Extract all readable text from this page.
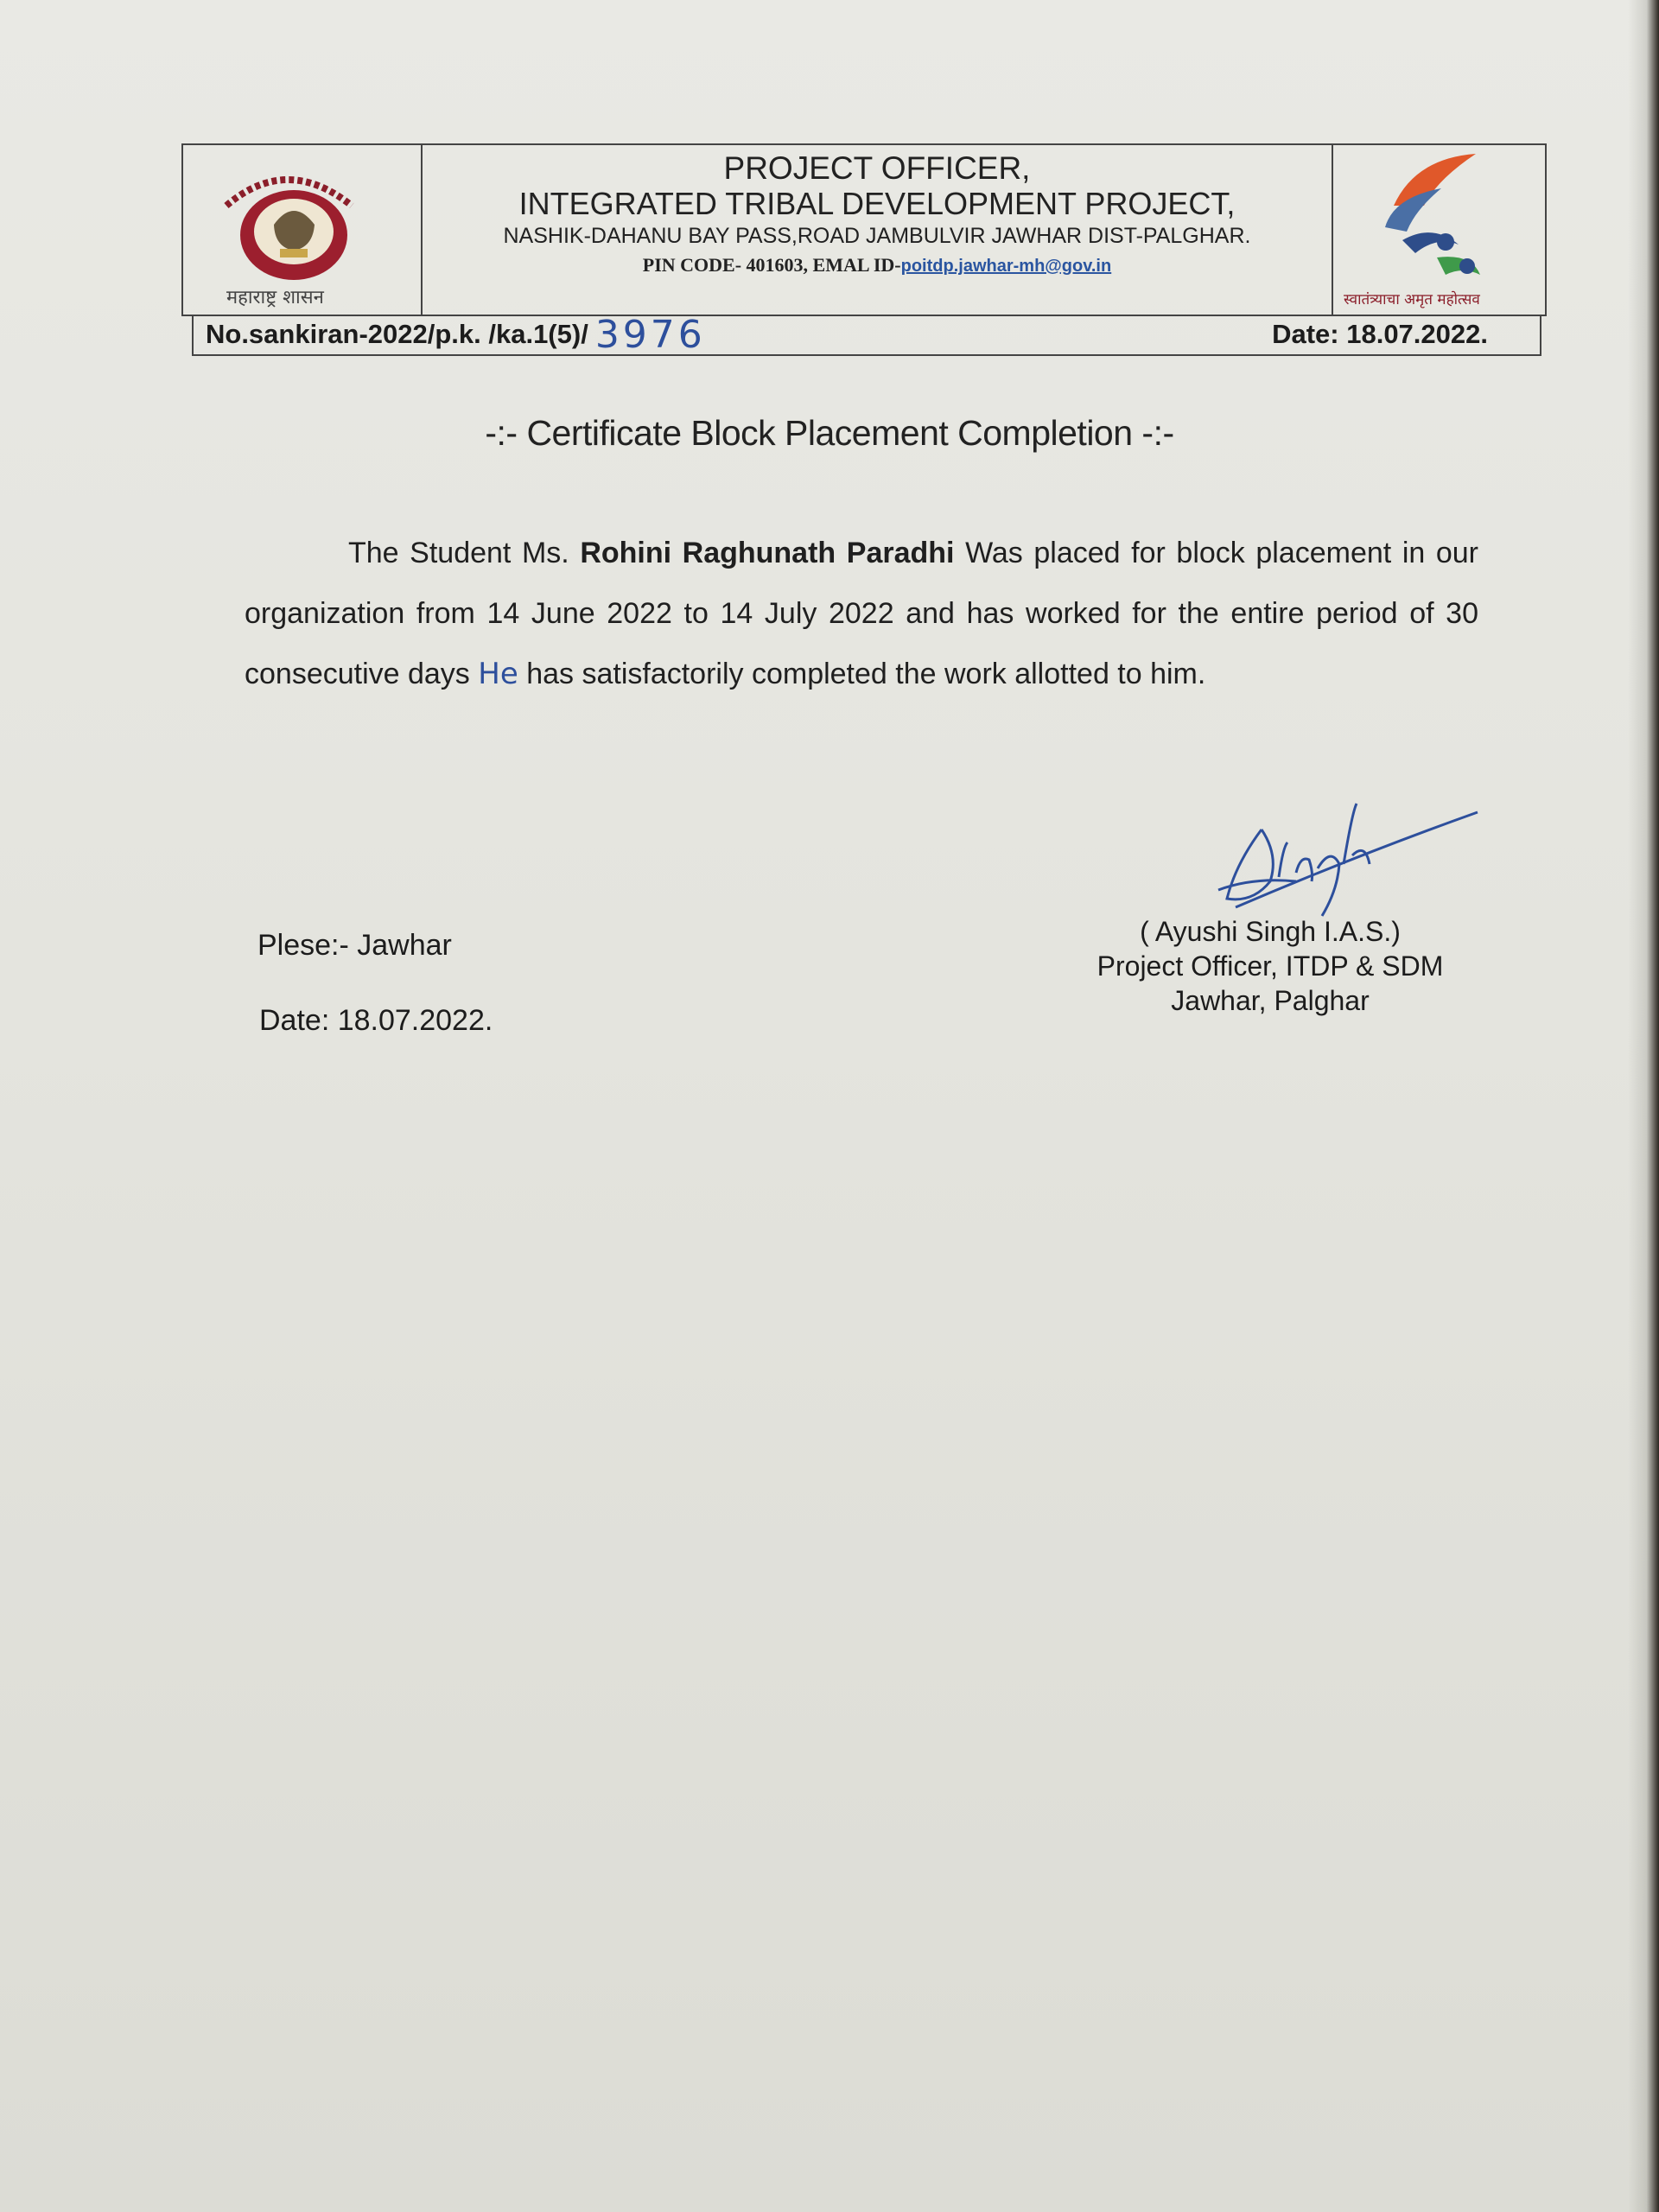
महाराष्ट्र शासन
PROJECT OFFICER,
INTEGRATED TRIBAL DEVELOPMENT PROJECT,
NASHIK-DAHANU BAY PASS,ROAD JAMBULVIR JAWHAR DIST-PALGHAR.
PIN CODE- 401603, EMAL ID-poitdp.jawhar-mh@gov.in
स्वातंत्र्याचा अमृत महोत्सव
No.sankiran-2022/p.k. /ka.1(5)/ 3976	Date: 18.07.2022.
-:- Certificate Block Placement Completion -:-

The Student Ms. Rohini Raghunath Paradhi Was placed for block placement in our organization from 14 June 2022 to 14 July 2022 and has worked for the entire period of 30 consecutive days He has satisfactorily completed the work allotted to him.

Plese:- Jawhar
Date: 18.07.2022.
( Ayushi Singh I.A.S.)
Project Officer, ITDP & SDM
Jawhar, Palghar
